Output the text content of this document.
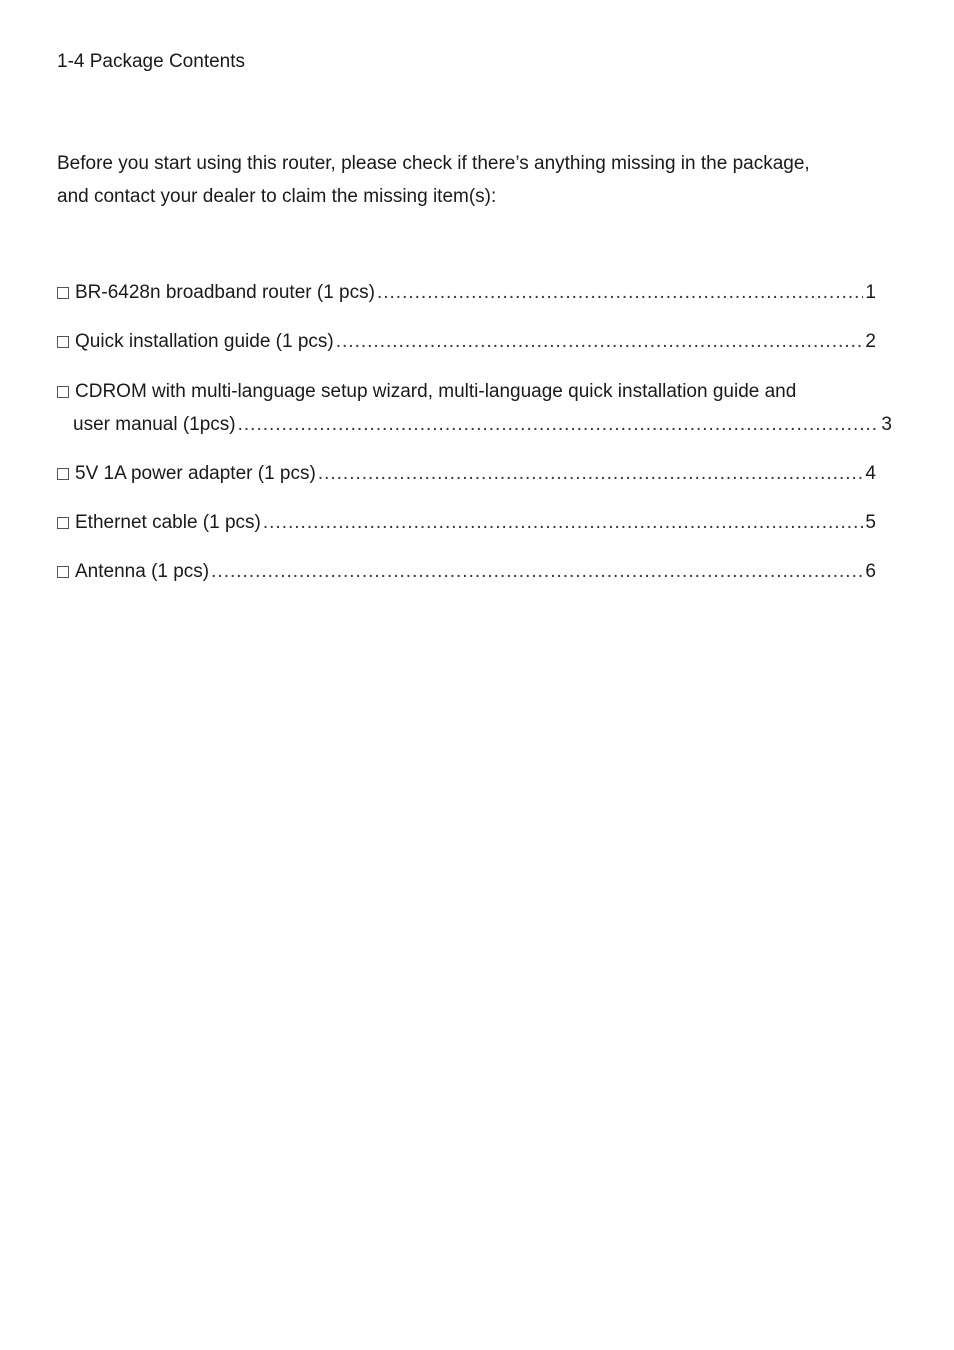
1-4 Package Contents
Before you start using this router, please check if there’s anything missing in the package,
and contact your dealer to claim the missing item(s):
BR-6428n broadband router (1 pcs) .....	1
Quick installation guide (1 pcs) .....	2
CDROM with multi-language setup wizard, multi-language quick installation guide and
user manual (1pcs) .....	3
5V 1A power adapter (1 pcs) .....	4
Ethernet cable (1 pcs) .....	5
Antenna (1 pcs) .....	6
